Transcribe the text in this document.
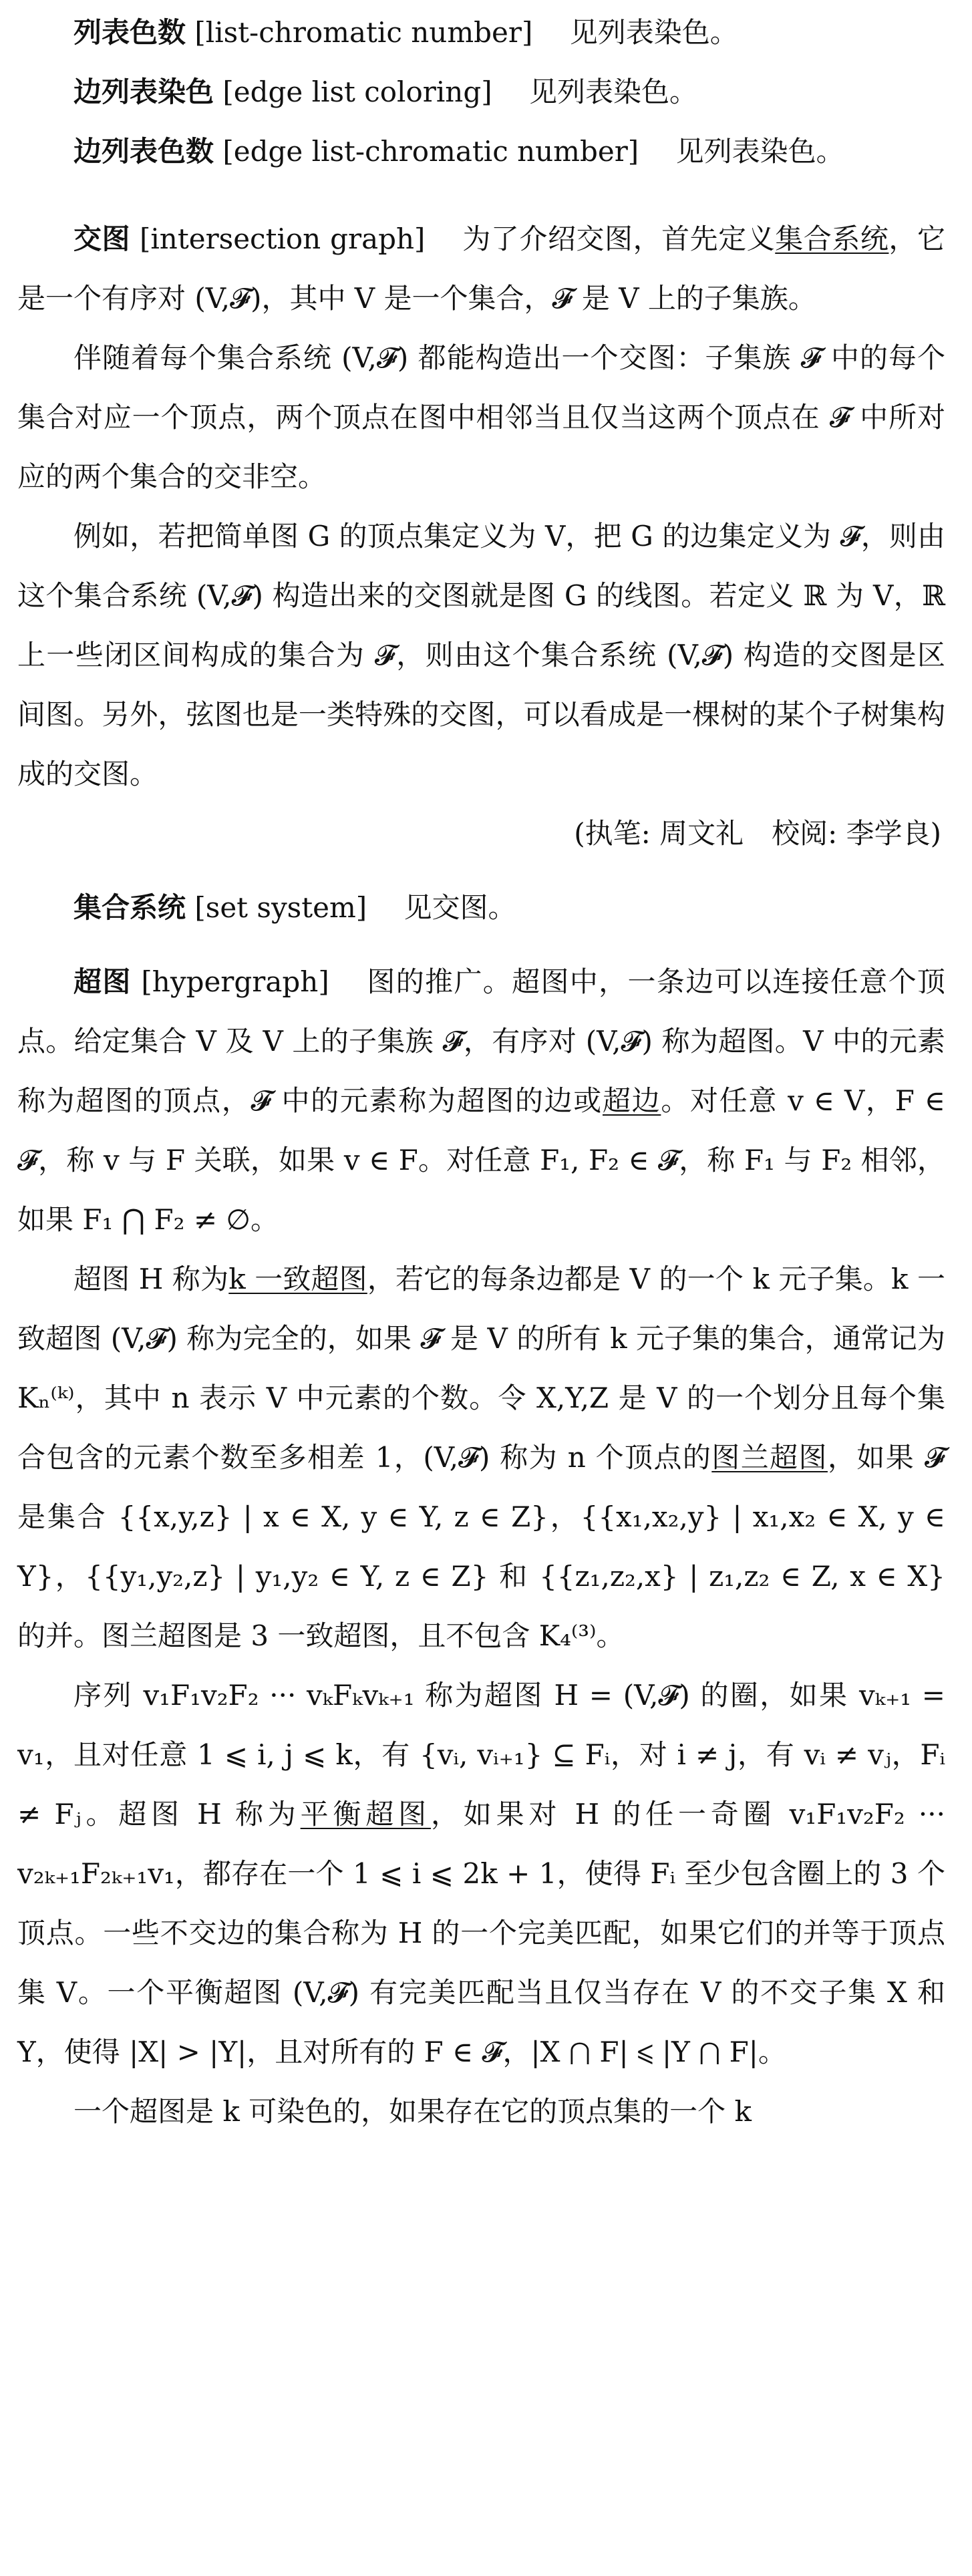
列表色数 [list-chromatic number]  见列表染色。

边列表染色 [edge list coloring]  见列表染色。

边列表色数 [edge list-chromatic number]  见列表染色。

交图 [intersection graph]  为了介绍交图，首先定义集合系统，它是一个有序对 (V,𝓕)，其中 V 是一个集合，𝓕 是 V 上的子集族。

伴随着每个集合系统 (V,𝓕) 都能构造出一个交图：子集族 𝓕 中的每个集合对应一个顶点，两个顶点在图中相邻当且仅当这两个顶点在 𝓕 中所对应的两个集合的交非空。

例如，若把简单图 G 的顶点集定义为 V，把 G 的边集定义为 𝓕，则由这个集合系统 (V,𝓕) 构造出来的交图就是图 G 的线图。若定义 ℝ 为 V，ℝ 上一些闭区间构成的集合为 𝓕，则由这个集合系统 (V,𝓕) 构造的交图是区间图。另外，弦图也是一类特殊的交图，可以看成是一棵树的某个子树集构成的交图。

(执笔: 周文礼　校阅: 李学良)

集合系统 [set system]  见交图。

超图 [hypergraph]  图的推广。超图中，一条边可以连接任意个顶点。给定集合 V 及 V 上的子集族 𝓕，有序对 (V,𝓕) 称为超图。V 中的元素称为超图的顶点，𝓕 中的元素称为超图的边或超边。对任意 v ∈ V，F ∈ 𝓕，称 v 与 F 关联，如果 v ∈ F。对任意 F₁, F₂ ∈ 𝓕，称 F₁ 与 F₂ 相邻，如果 F₁ ⋂ F₂ ≠ ∅。

超图 H 称为k 一致超图，若它的每条边都是 V 的一个 k 元子集。k 一致超图 (V,𝓕) 称为完全的，如果 𝓕 是 V 的所有 k 元子集的集合，通常记为 Kₙ⁽ᵏ⁾，其中 n 表示 V 中元素的个数。令 X,Y,Z 是 V 的一个划分且每个集合包含的元素个数至多相差 1，(V,𝓕) 称为 n 个顶点的图兰超图，如果 𝓕 是集合 {{x,y,z} | x ∈ X, y ∈ Y, z ∈ Z}，{{x₁,x₂,y} | x₁,x₂ ∈ X, y ∈ Y}，{{y₁,y₂,z} | y₁,y₂ ∈ Y, z ∈ Z} 和 {{z₁,z₂,x} | z₁,z₂ ∈ Z, x ∈ X} 的并。图兰超图是 3 一致超图，且不包含 K₄⁽³⁾。

序列 v₁F₁v₂F₂ ··· vₖFₖvₖ₊₁ 称为超图 H = (V,𝓕) 的圈，如果 vₖ₊₁ = v₁，且对任意 1 ⩽ i, j ⩽ k，有 {vᵢ, vᵢ₊₁} ⊆ Fᵢ，对 i ≠ j，有 vᵢ ≠ vⱼ，Fᵢ ≠ Fⱼ。超图 H 称为平衡超图，如果对 H 的任一奇圈 v₁F₁v₂F₂ ··· v₂ₖ₊₁F₂ₖ₊₁v₁，都存在一个 1 ⩽ i ⩽ 2k + 1，使得 Fᵢ 至少包含圈上的 3 个顶点。一些不交边的集合称为 H 的一个完美匹配，如果它们的并等于顶点集 V。一个平衡超图 (V,𝓕) 有完美匹配当且仅当存在 V 的不交子集 X 和 Y，使得 |X| > |Y|，且对所有的 F ∈ 𝓕，|X ⋂ F| ⩽ |Y ⋂ F|。

一个超图是 k 可染色的，如果存在它的顶点集的一个 k
